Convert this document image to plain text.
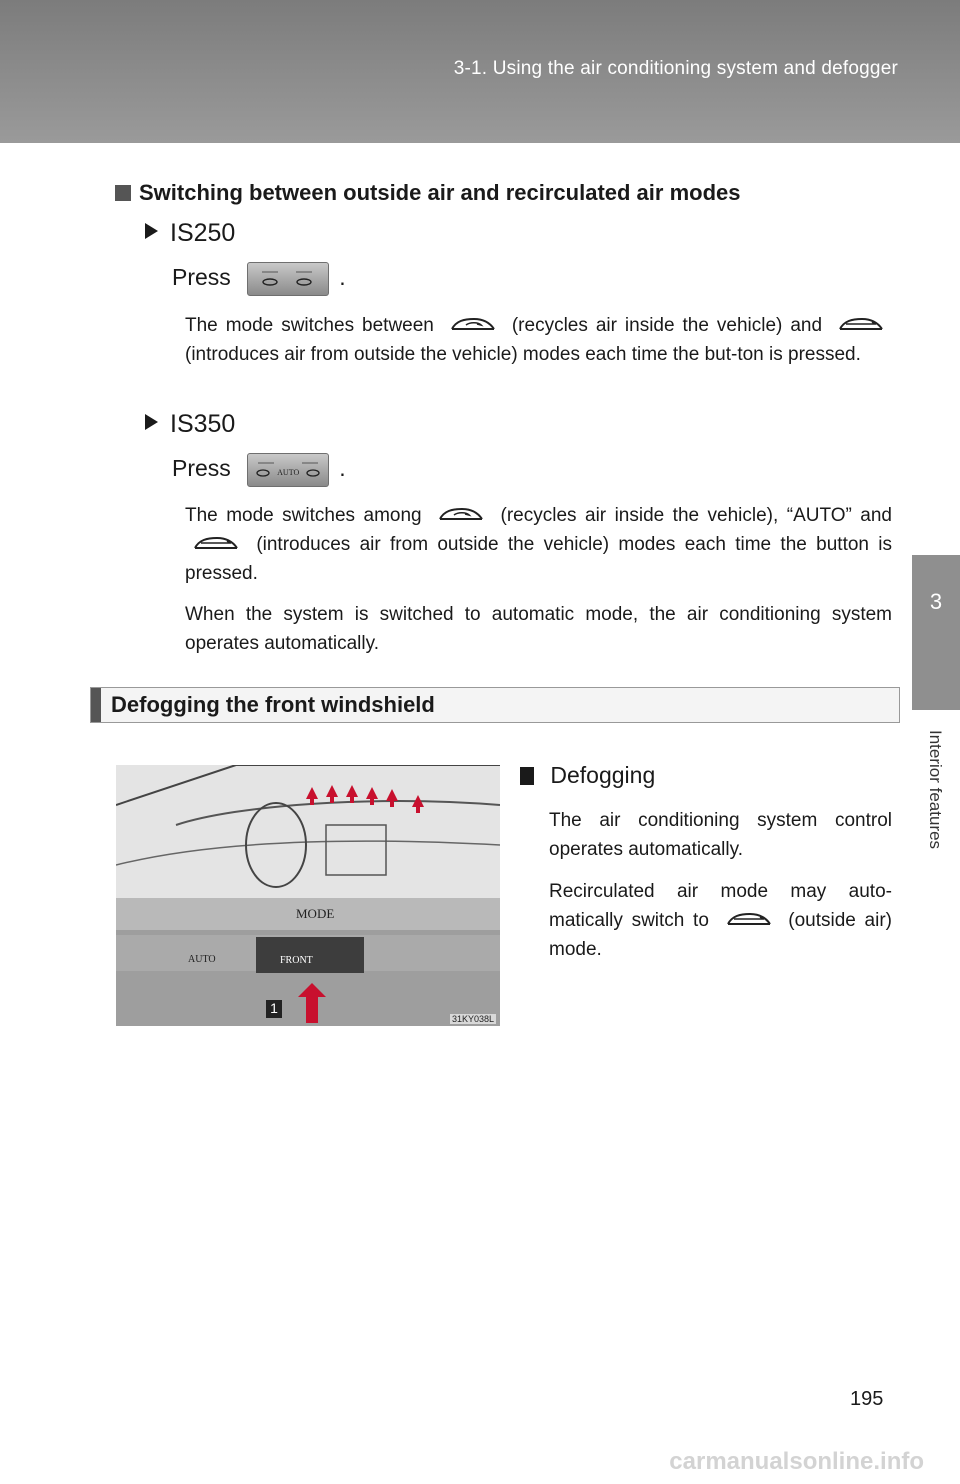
3-1. Using the air conditioning system and defogger
3
Interior features
Switching between outside air and recirculated air modes
IS250
Press	.
The mode switches between	(recycles air inside the vehicle) and  (introduces air from outside the vehicle) modes each time the but-ton is pressed.
IS350
Press	AUTO	.
The mode switches among	(recycles air inside the vehicle), “AUTO” and  (introduces air from outside the vehicle) modes each time the button is pressed.
When the system is switched to automatic mode, the air conditioning system operates automatically.
Defogging the front windshield
MODE
AUTO	FRONT
1
31KY038L
Defogging
The air conditioning system control operates automatically.
Recirculated air mode may auto-matically switch to	(outside air) mode.
195
carmanualsonline.info
